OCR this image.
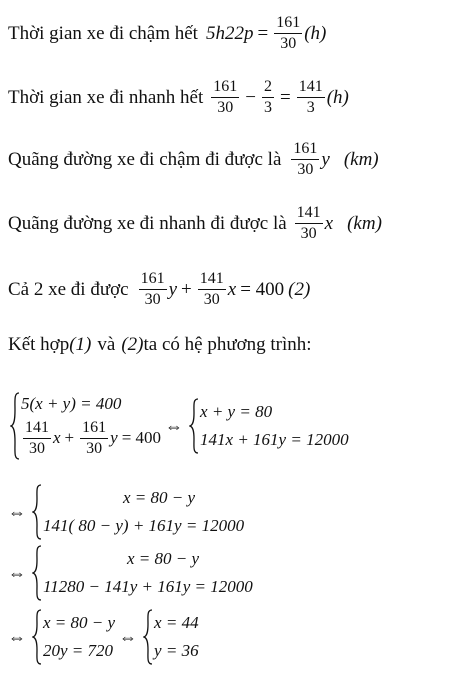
Thời gian xe đi chậm hết $5h22p = \frac{161}{30} (h)$
Thời gian xe đi nhanh hết $\frac{161}{30} - \frac{2}{3} = \frac{141}{3} (h)$
Quãng đường xe đi chậm đi được là $\frac{161}{30}$ y (km)
Quãng đường xe đi nhanh đi được là $\frac{141}{30}$ x (km)
Cả 2 xe đi được $\frac{161}{30}$ $y + \frac{141}{30}$ x = 400 (2)
Kết hợp (1) và (2) ta có hệ phương trình:
5(x + y) = 400
$\frac{141}{30}$ $x + \frac{161}{30}$ y = 400
⇔
x + y = 80
141x + 161y = 12000
⇔
x = 80 − y
141( 80 − y) + 161y = 12000
⇔
x = 80 − y
11280 − 141y + 161y = 12000
⇔
x = 80 − y
20y = 720
⇔
x = 44
y = 36
